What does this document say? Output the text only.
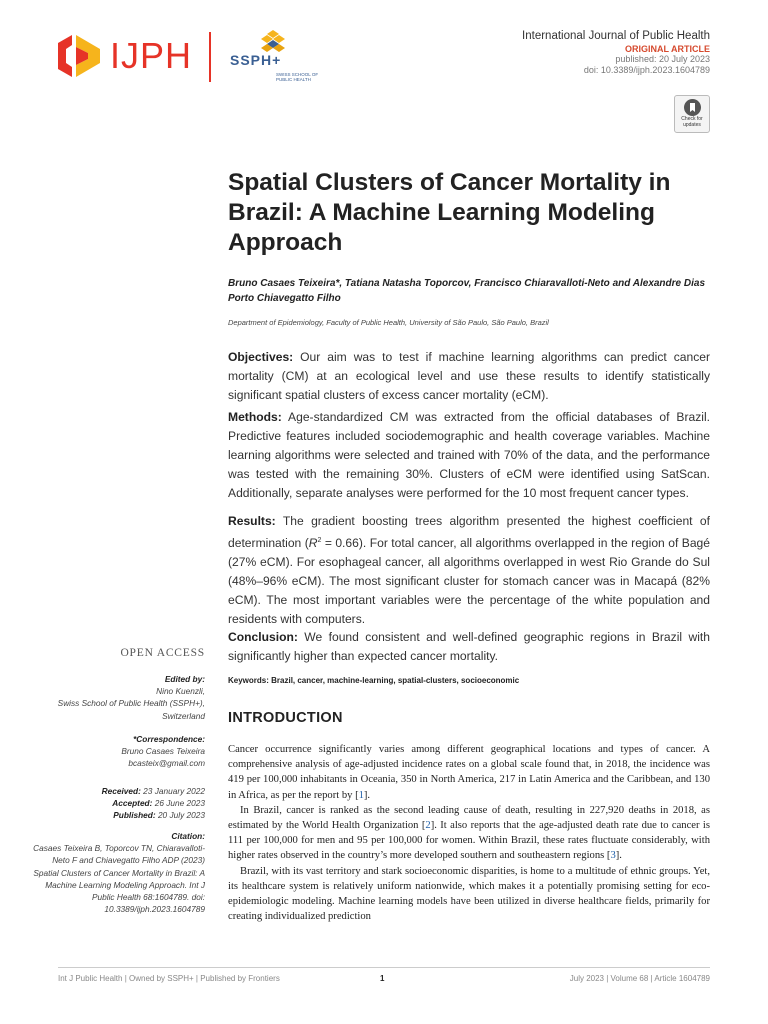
IJPH	SSPH+
SWISS SCHOOL OF PUBLIC HEALTH
International Journal of Public Health
ORIGINAL ARTICLE
published: 20 July 2023
doi: 10.3389/ijph.2023.1604789
Check for updates
Spatial Clusters of Cancer Mortality in Brazil: A Machine Learning Modeling Approach
Bruno Casaes Teixeira*, Tatiana Natasha Toporcov, Francisco Chiaravalloti-Neto and Alexandre Dias Porto Chiavegatto Filho
Department of Epidemiology, Faculty of Public Health, University of São Paulo, São Paulo, Brazil
Objectives: Our aim was to test if machine learning algorithms can predict cancer mortality (CM) at an ecological level and use these results to identify statistically significant spatial clusters of excess cancer mortality (eCM).
Methods: Age-standardized CM was extracted from the official databases of Brazil. Predictive features included sociodemographic and health coverage variables. Machine learning algorithms were selected and trained with 70% of the data, and the performance was tested with the remaining 30%. Clusters of eCM were identified using SatScan. Additionally, separate analyses were performed for the 10 most frequent cancer types.
Results: The gradient boosting trees algorithm presented the highest coefficient of determination $(R^2 = 0.66)$. For total cancer, all algorithms overlapped in the region of Bagé (27% eCM). For esophageal cancer, all algorithms overlapped in west Rio Grande do Sul (48%–96% eCM). The most significant cluster for stomach cancer was in Macapá (82% eCM). The most important variables were the percentage of the white population and residents with computers.
Conclusion: We found consistent and well-defined geographic regions in Brazil with significantly higher than expected cancer mortality.
Keywords: Brazil, cancer, machine-learning, spatial-clusters, socioeconomic
INTRODUCTION

Cancer occurrence significantly varies among different geographical locations and types of cancer. A comprehensive analysis of age-adjusted incidence rates on a global scale found that, in 2018, the incidence was 419 per 100,000 inhabitants in Oceania, 350 in North America, 217 in Latin America and the Caribbean, and 130 in Africa, as per the report by [1].

In Brazil, cancer is ranked as the second leading cause of death, resulting in 227,920 deaths in 2018, as estimated by the World Health Organization [2]. It also reports that the age-adjusted death rate due to cancer is 111 per 100,000 for men and 95 per 100,000 for women. Within Brazil, these rates fluctuate considerably, with higher rates observed in the country’s more developed southern and southeastern regions [3].

Brazil, with its vast territory and stark socioeconomic disparities, is home to a multitude of ethnic groups. Yet, its healthcare system is relatively uniform nationwide, which makes it a potentially promising setting for eco-epidemiologic modeling. Machine learning models have been utilized in diverse healthcare fields, primarily for creating individualized prediction

OPEN ACCESS
Edited by:
Nino Kuenzli,
Swiss School of Public Health (SSPH+), Switzerland
*Correspondence:
Bruno Casaes Teixeira
bcasteix@gmail.com
Received: 23 January 2022
Accepted: 26 June 2023
Published: 20 July 2023
Citation:
Casaes Teixeira B, Toporcov TN, Chiaravalloti-Neto F and Chiavegatto Filho ADP (2023) Spatial Clusters of Cancer Mortality in Brazil: A Machine Learning Modeling Approach. Int J Public Health 68:1604789. doi: 10.3389/ijph.2023.1604789
Int J Public Health | Owned by SSPH+ | Published by Frontiers	1	July 2023 | Volume 68 | Article 1604789
